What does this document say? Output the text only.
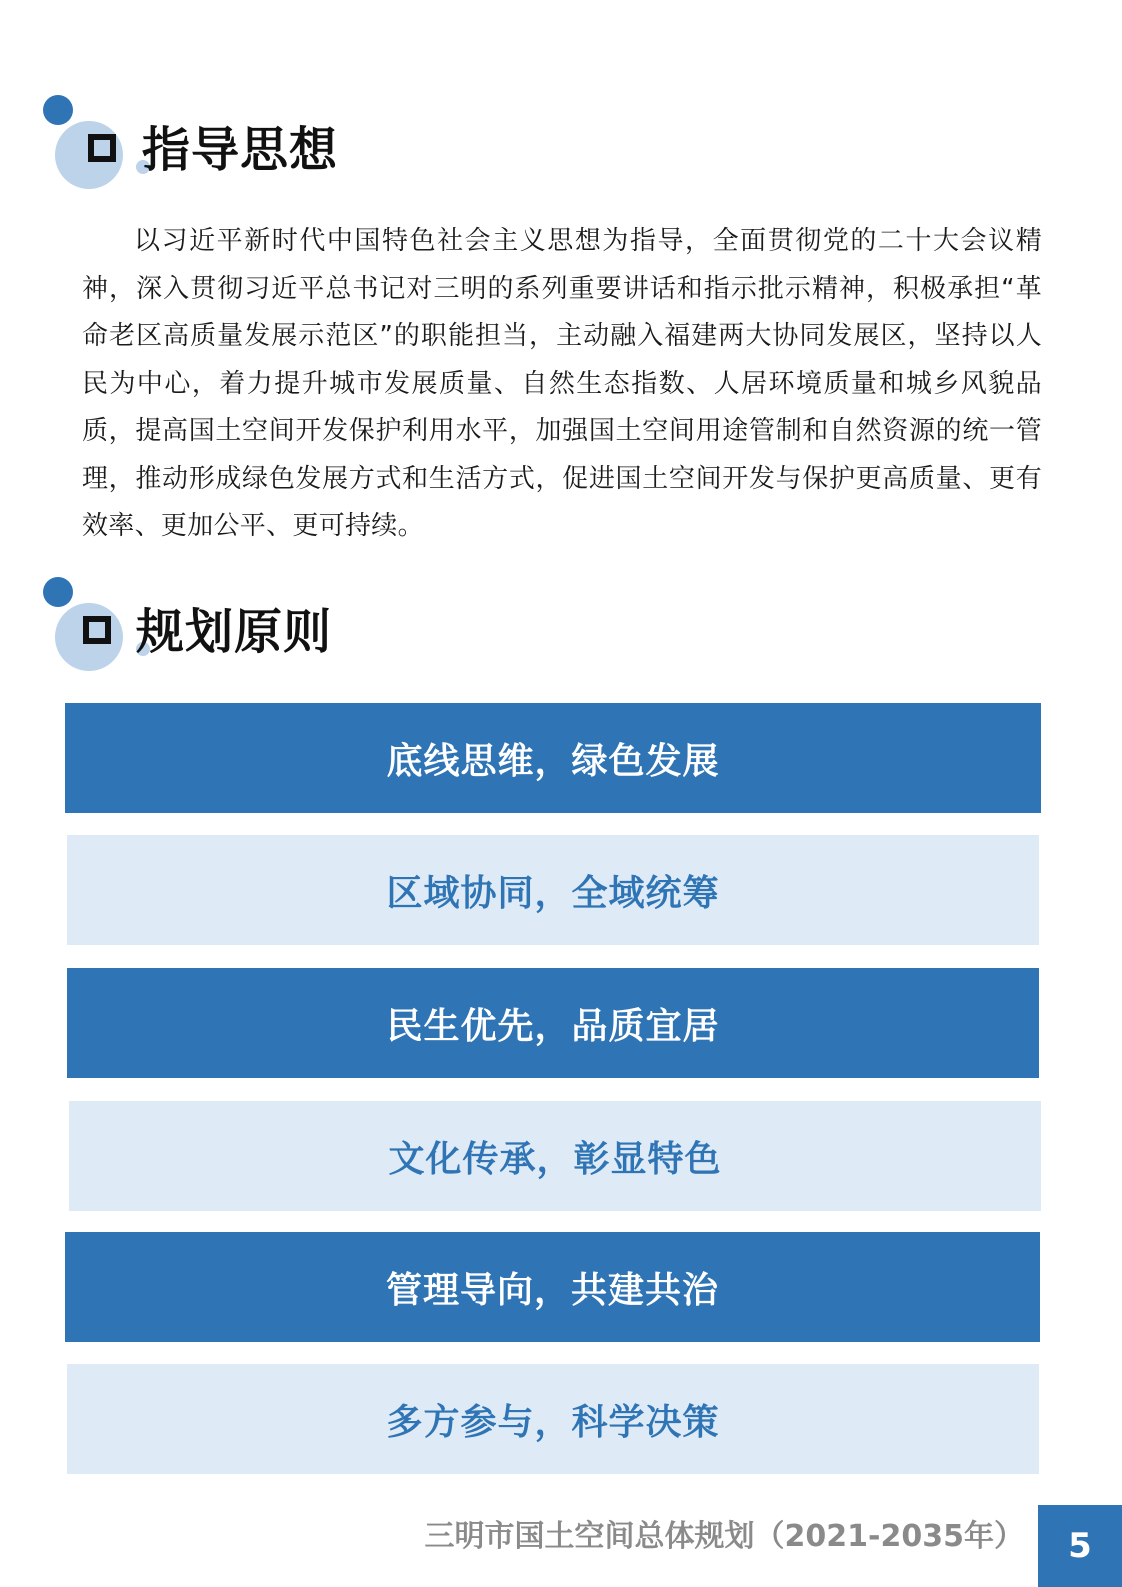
指导思想
以习近平新时代中国特色社会主义思想为指导，全面贯彻党的二十大会议精神，深入贯彻习近平总书记对三明的系列重要讲话和指示批示精神，积极承担“革命老区高质量发展示范区”的职能担当，主动融入福建两大协同发展区，坚持以人民为中心，着力提升城市发展质量、自然生态指数、人居环境质量和城乡风貌品质，提高国土空间开发保护利用水平，加强国土空间用途管制和自然资源的统一管理，推动形成绿色发展方式和生活方式，促进国土空间开发与保护更高质量、更有效率、更加公平、更可持续。
规划原则
底线思维，绿色发展
区域协同，全域统筹
民生优先，品质宜居
文化传承，彰显特色
管理导向，共建共治
多方参与，科学决策
三明市国土空间总体规划（2021-2035年） 5
